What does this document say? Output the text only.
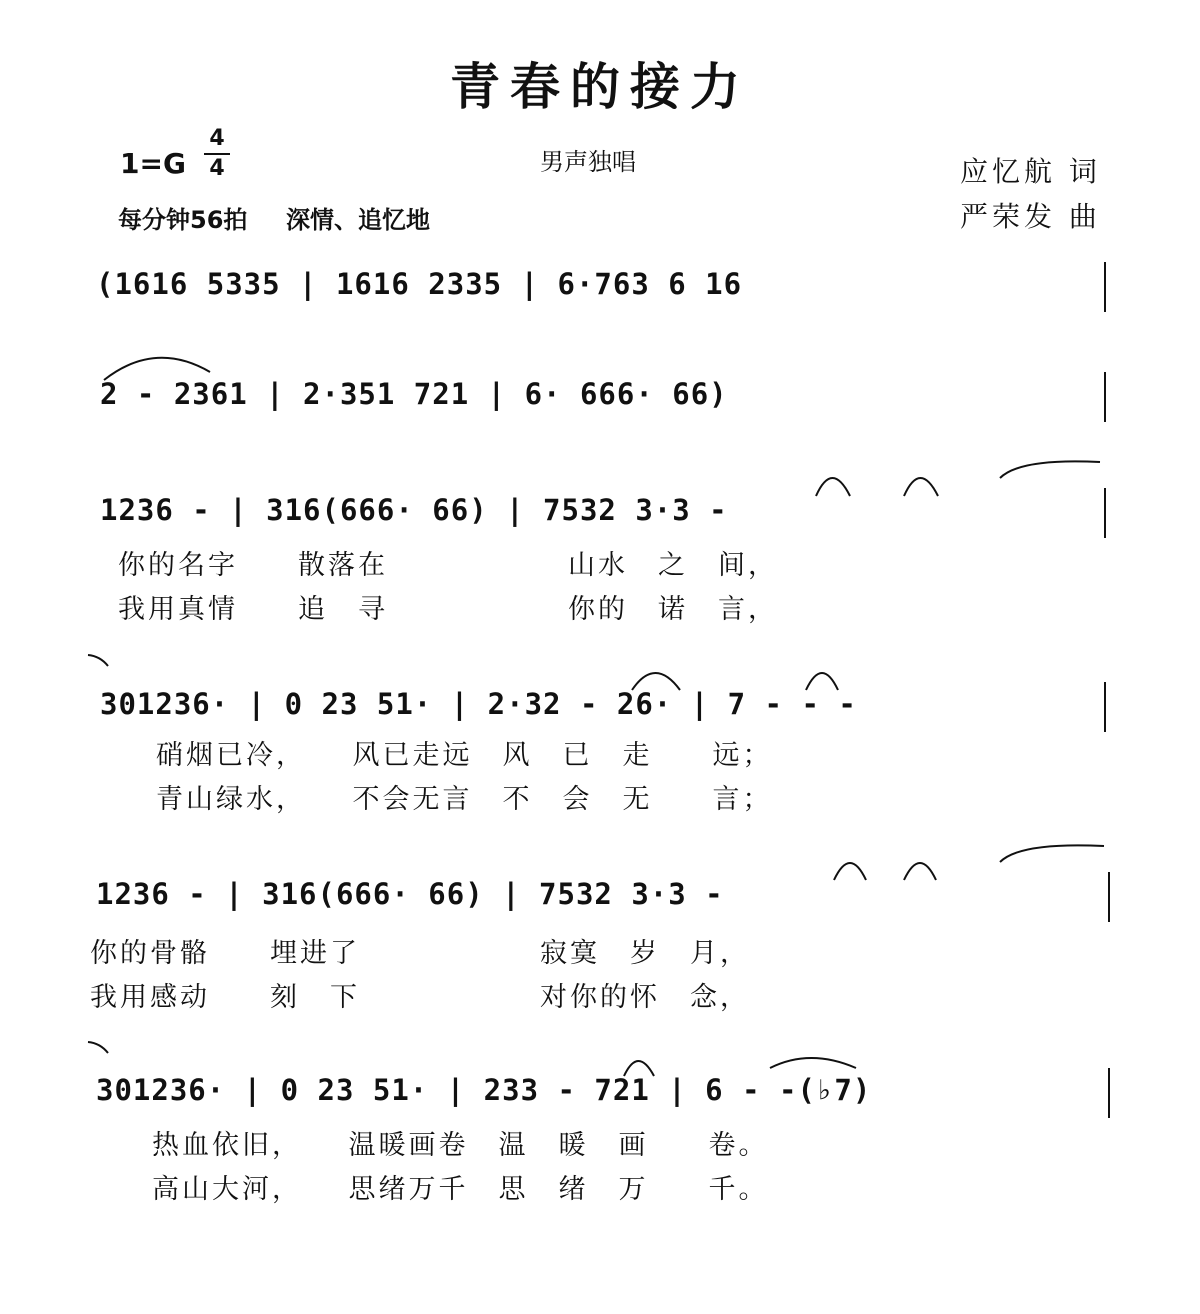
青春的接力
1=G
4
4	男声独唱
每分钟56拍 深情、追忆地
应忆航 词
严荣发 曲
(1616 5335 | 1616 2335 | 6·763 6 16
2 - 2361 | 2·351 721 | 6· 666· 66)
1236 - | 316(666· 66) | 7532 3·3 -
你的名字　　散落在　　　　　　山水　之　间，
我用真情　　追　寻　　　　　　你的　诺　言，
301236· | 0 23 51· | 2·32 - 26· | 7 - - -
硝烟已冷，　　风已走远　风　已　走　　远；
青山绿水，　　不会无言　不　会　无　　言；
1236 - | 316(666· 66) | 7532 3·3 -
你的骨骼　　埋进了　　　　　　寂寞　岁　月，
我用感动　　刻　下　　　　　　对你的怀　念，
301236· | 0 23 51· | 233 - 721 | 6 - -(♭7)
热血依旧，　　温暖画卷　温　暖　画　　卷。
高山大河，　　思绪万千　思　绪　万　　千。
